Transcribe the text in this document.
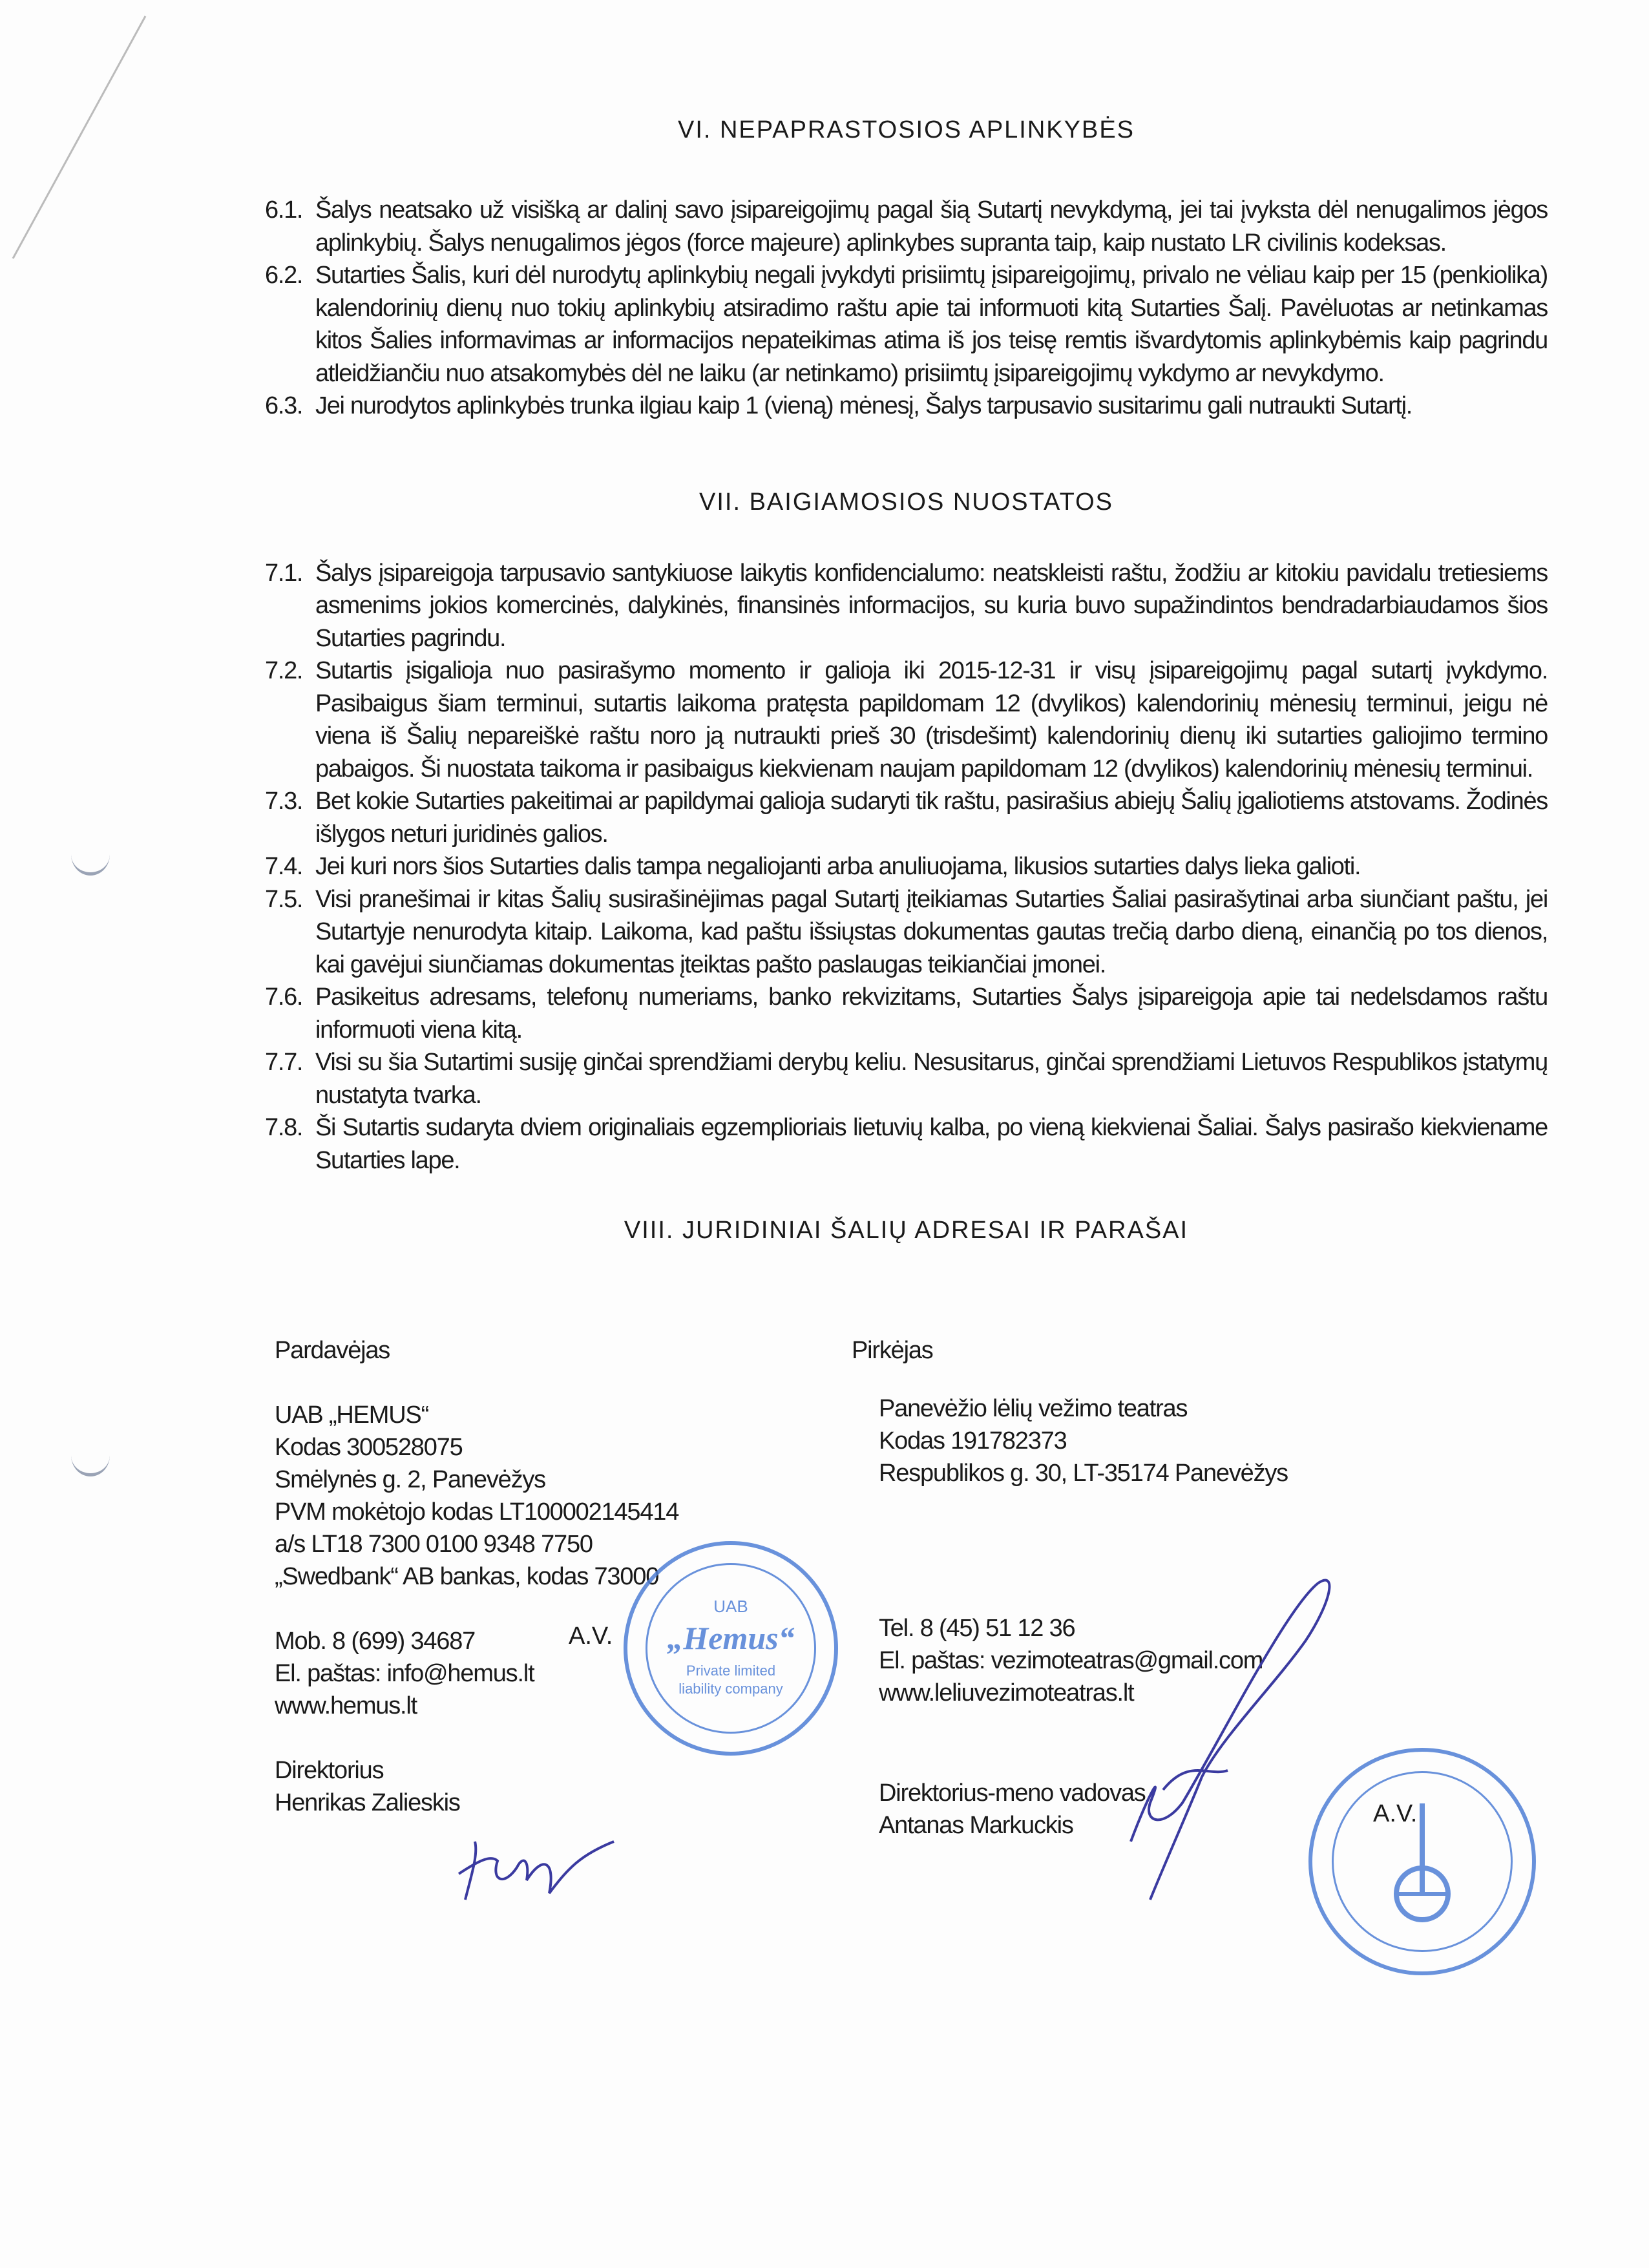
VI. NEPAPRASTOSIOS APLINKYBĖS
6.1. Šalys neatsako už visišką ar dalinį savo įsipareigojimų pagal šią Sutartį nevykdymą, jei tai įvyksta dėl nenugalimos jėgos aplinkybių. Šalys nenugalimos jėgos (force majeure) aplinkybes supranta taip, kaip nustato LR civilinis kodeksas.
6.2. Sutarties Šalis, kuri dėl nurodytų aplinkybių negali įvykdyti prisiimtų įsipareigojimų, privalo ne vėliau kaip per 15 (penkiolika) kalendorinių dienų nuo tokių aplinkybių atsiradimo raštu apie tai informuoti kitą Sutarties Šalį. Pavėluotas ar netinkamas kitos Šalies informavimas ar informacijos nepateikimas atima iš jos teisę remtis išvardytomis aplinkybėmis kaip pagrindu atleidžiančiu nuo atsakomybės dėl ne laiku (ar netinkamo) prisiimtų įsipareigojimų vykdymo ar nevykdymo.
6.3. Jei nurodytos aplinkybės trunka ilgiau kaip 1 (vieną) mėnesį, Šalys tarpusavio susitarimu gali nutraukti Sutartį.
VII. BAIGIAMOSIOS NUOSTATOS
7.1. Šalys įsipareigoja tarpusavio santykiuose laikytis konfidencialumo: neatskleisti raštu, žodžiu ar kitokiu pavidalu tretiesiems asmenims jokios komercinės, dalykinės, finansinės informacijos, su kuria buvo supažindintos bendradarbiaudamos šios Sutarties pagrindu.
7.2. Sutartis įsigalioja nuo pasirašymo momento ir galioja iki 2015-12-31 ir visų įsipareigojimų pagal sutartį įvykdymo. Pasibaigus šiam terminui, sutartis laikoma pratęsta papildomam 12 (dvylikos) kalendorinių mėnesių terminui, jeigu nė viena iš Šalių nepareiškė raštu noro ją nutraukti prieš 30 (trisdešimt) kalendorinių dienų iki sutarties galiojimo termino pabaigos. Ši nuostata taikoma ir pasibaigus kiekvienam naujam papildomam 12 (dvylikos) kalendorinių mėnesių terminui.
7.3. Bet kokie Sutarties pakeitimai ar papildymai galioja sudaryti tik raštu, pasirašius abiejų Šalių įgaliotiems atstovams. Žodinės išlygos neturi juridinės galios.
7.4. Jei kuri nors šios Sutarties dalis tampa negaliojanti arba anuliuojama, likusios sutarties dalys lieka galioti.
7.5. Visi pranešimai ir kitas Šalių susirašinėjimas pagal Sutartį įteikiamas Sutarties Šaliai pasirašytinai arba siunčiant paštu, jei Sutartyje nenurodyta kitaip. Laikoma, kad paštu išsiųstas dokumentas gautas trečią darbo dieną, einančią po tos dienos, kai gavėjui siunčiamas dokumentas įteiktas pašto paslaugas teikiančiai įmonei.
7.6. Pasikeitus adresams, telefonų numeriams, banko rekvizitams, Sutarties Šalys įsipareigoja apie tai nedelsdamos raštu informuoti viena kitą.
7.7. Visi su šia Sutartimi susiję ginčai sprendžiami derybų keliu. Nesusitarus, ginčai sprendžiami Lietuvos Respublikos įstatymų nustatyta tvarka.
7.8. Ši Sutartis sudaryta dviem originaliais egzemplioriais lietuvių kalba, po vieną kiekvienai Šaliai. Šalys pasirašo kiekviename Sutarties lape.
VIII. JURIDINIAI ŠALIŲ ADRESAI IR PARAŠAI
Pardavėjas
UAB „HEMUS“
Kodas 300528075
Smėlynės g. 2, Panevėžys
PVM mokėtojo kodas LT100002145414
a/s LT18 7300 0100 9348 7750
„Swedbank“ AB bankas, kodas 73000
Mob. 8 (699) 34687
El. paštas: info@hemus.lt
www.hemus.lt
Direktorius
Henrikas Zalieskis
Pirkėjas
Panevėžio lėlių vežimo teatras
Kodas 191782373
Respublikos g. 30, LT-35174 Panevėžys
Tel. 8 (45) 51 12 36
El. paštas: vezimoteatras@gmail.com
www.leliuvezimoteatras.lt
Direktorius-meno vadovas
Antanas Markuckis
UAB
„Hemus“
Private limited
liability company
A.V.
A.V.
